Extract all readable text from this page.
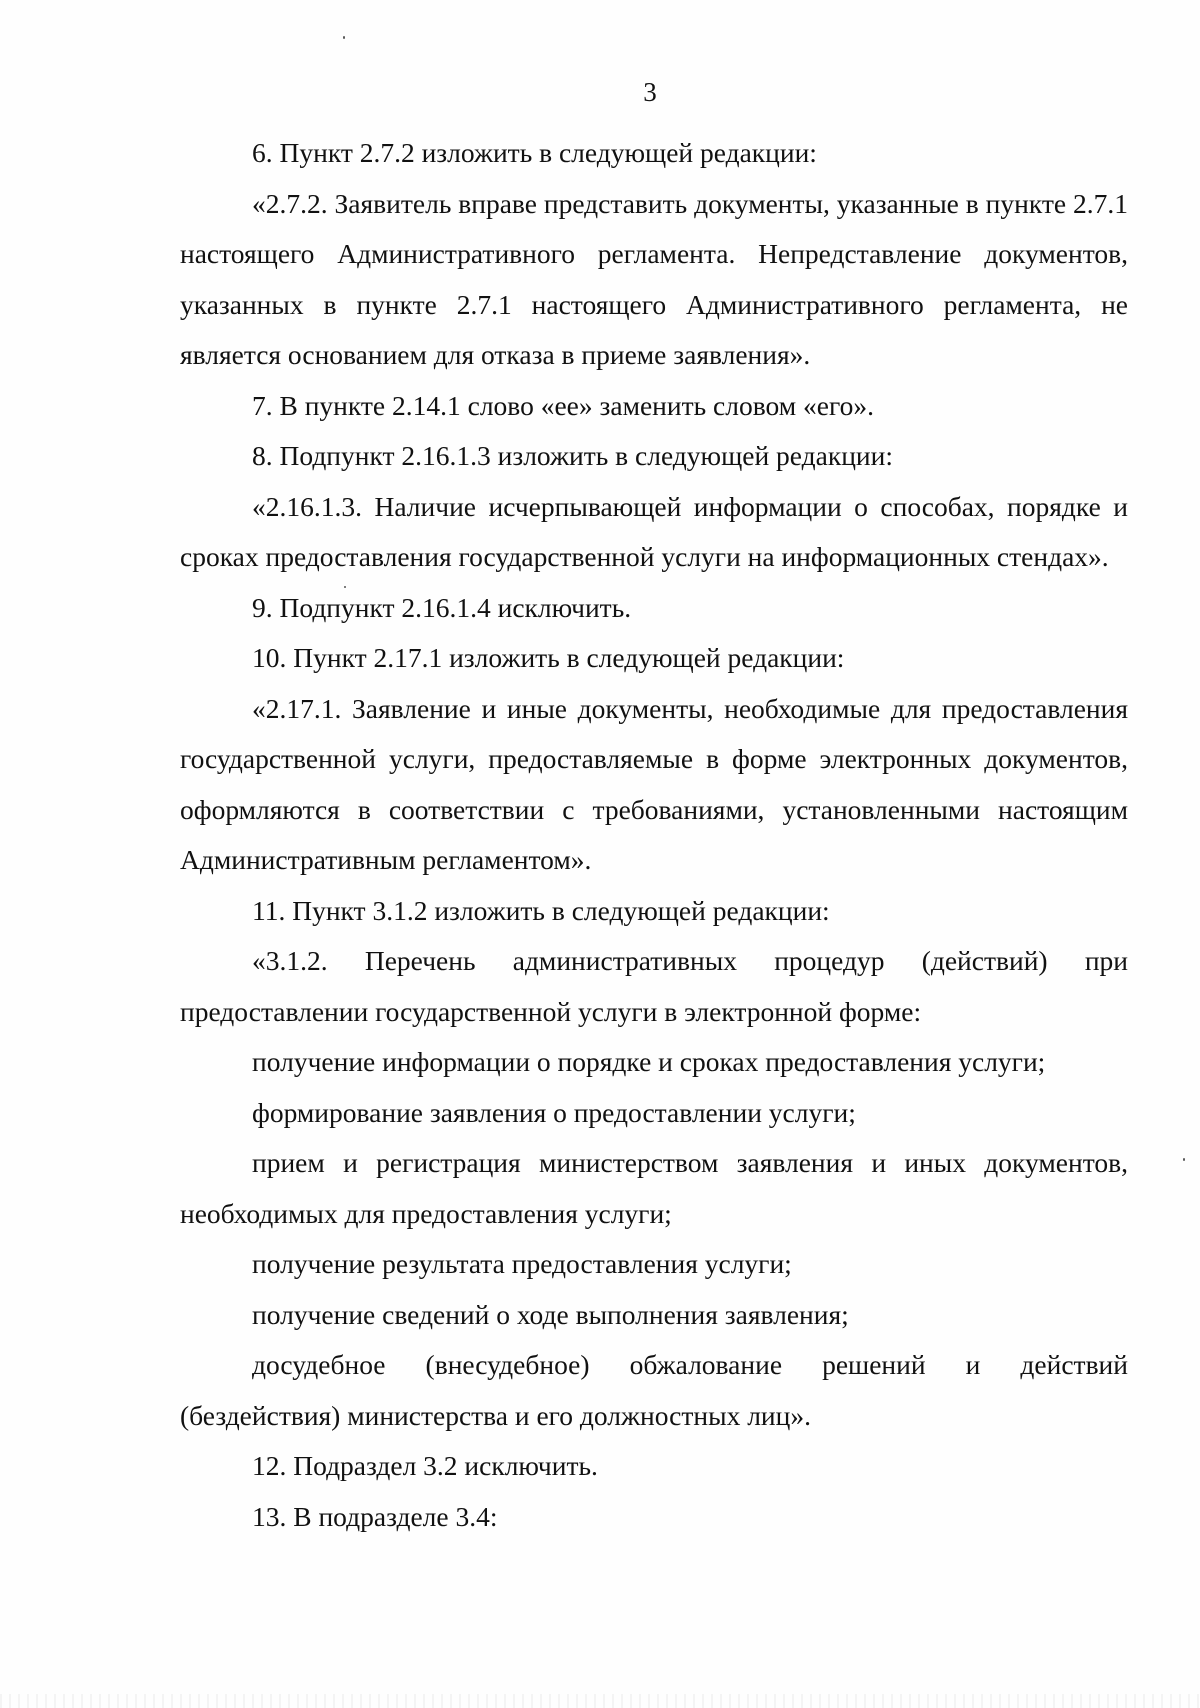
3

6. Пункт 2.7.2 изложить в следующей редакции:

«2.7.2. Заявитель вправе представить документы, указанные в пункте 2.7.1 настоящего Административного регламента. Непредставление документов, указанных в пункте 2.7.1 настоящего Административного регламента, не является основанием для отказа в приеме заявления».

7. В пункте 2.14.1 слово «ее» заменить словом «его».

8. Подпункт 2.16.1.3 изложить в следующей редакции:

«2.16.1.3. Наличие исчерпывающей информации о способах, порядке и сроках предоставления государственной услуги на информационных стендах».

9. Подпункт 2.16.1.4 исключить.

10. Пункт 2.17.1 изложить в следующей редакции:

«2.17.1. Заявление и иные документы, необходимые для предоставления государственной услуги, предоставляемые в форме электронных документов, оформляются в соответствии с требованиями, установленными настоящим Административным регламентом».

11. Пункт 3.1.2 изложить в следующей редакции:

«3.1.2. Перечень административных процедур (действий) при предоставлении государственной услуги в электронной форме:

получение информации о порядке и сроках предоставления услуги;

формирование заявления о предоставлении услуги;

прием и регистрация министерством заявления и иных документов, необходимых для предоставления услуги;

получение результата предоставления услуги;

получение сведений о ходе выполнения заявления;

досудебное (внесудебное) обжалование решений и действий (бездействия) министерства и его должностных лиц».

12. Подраздел 3.2 исключить.

13. В подразделе 3.4:
